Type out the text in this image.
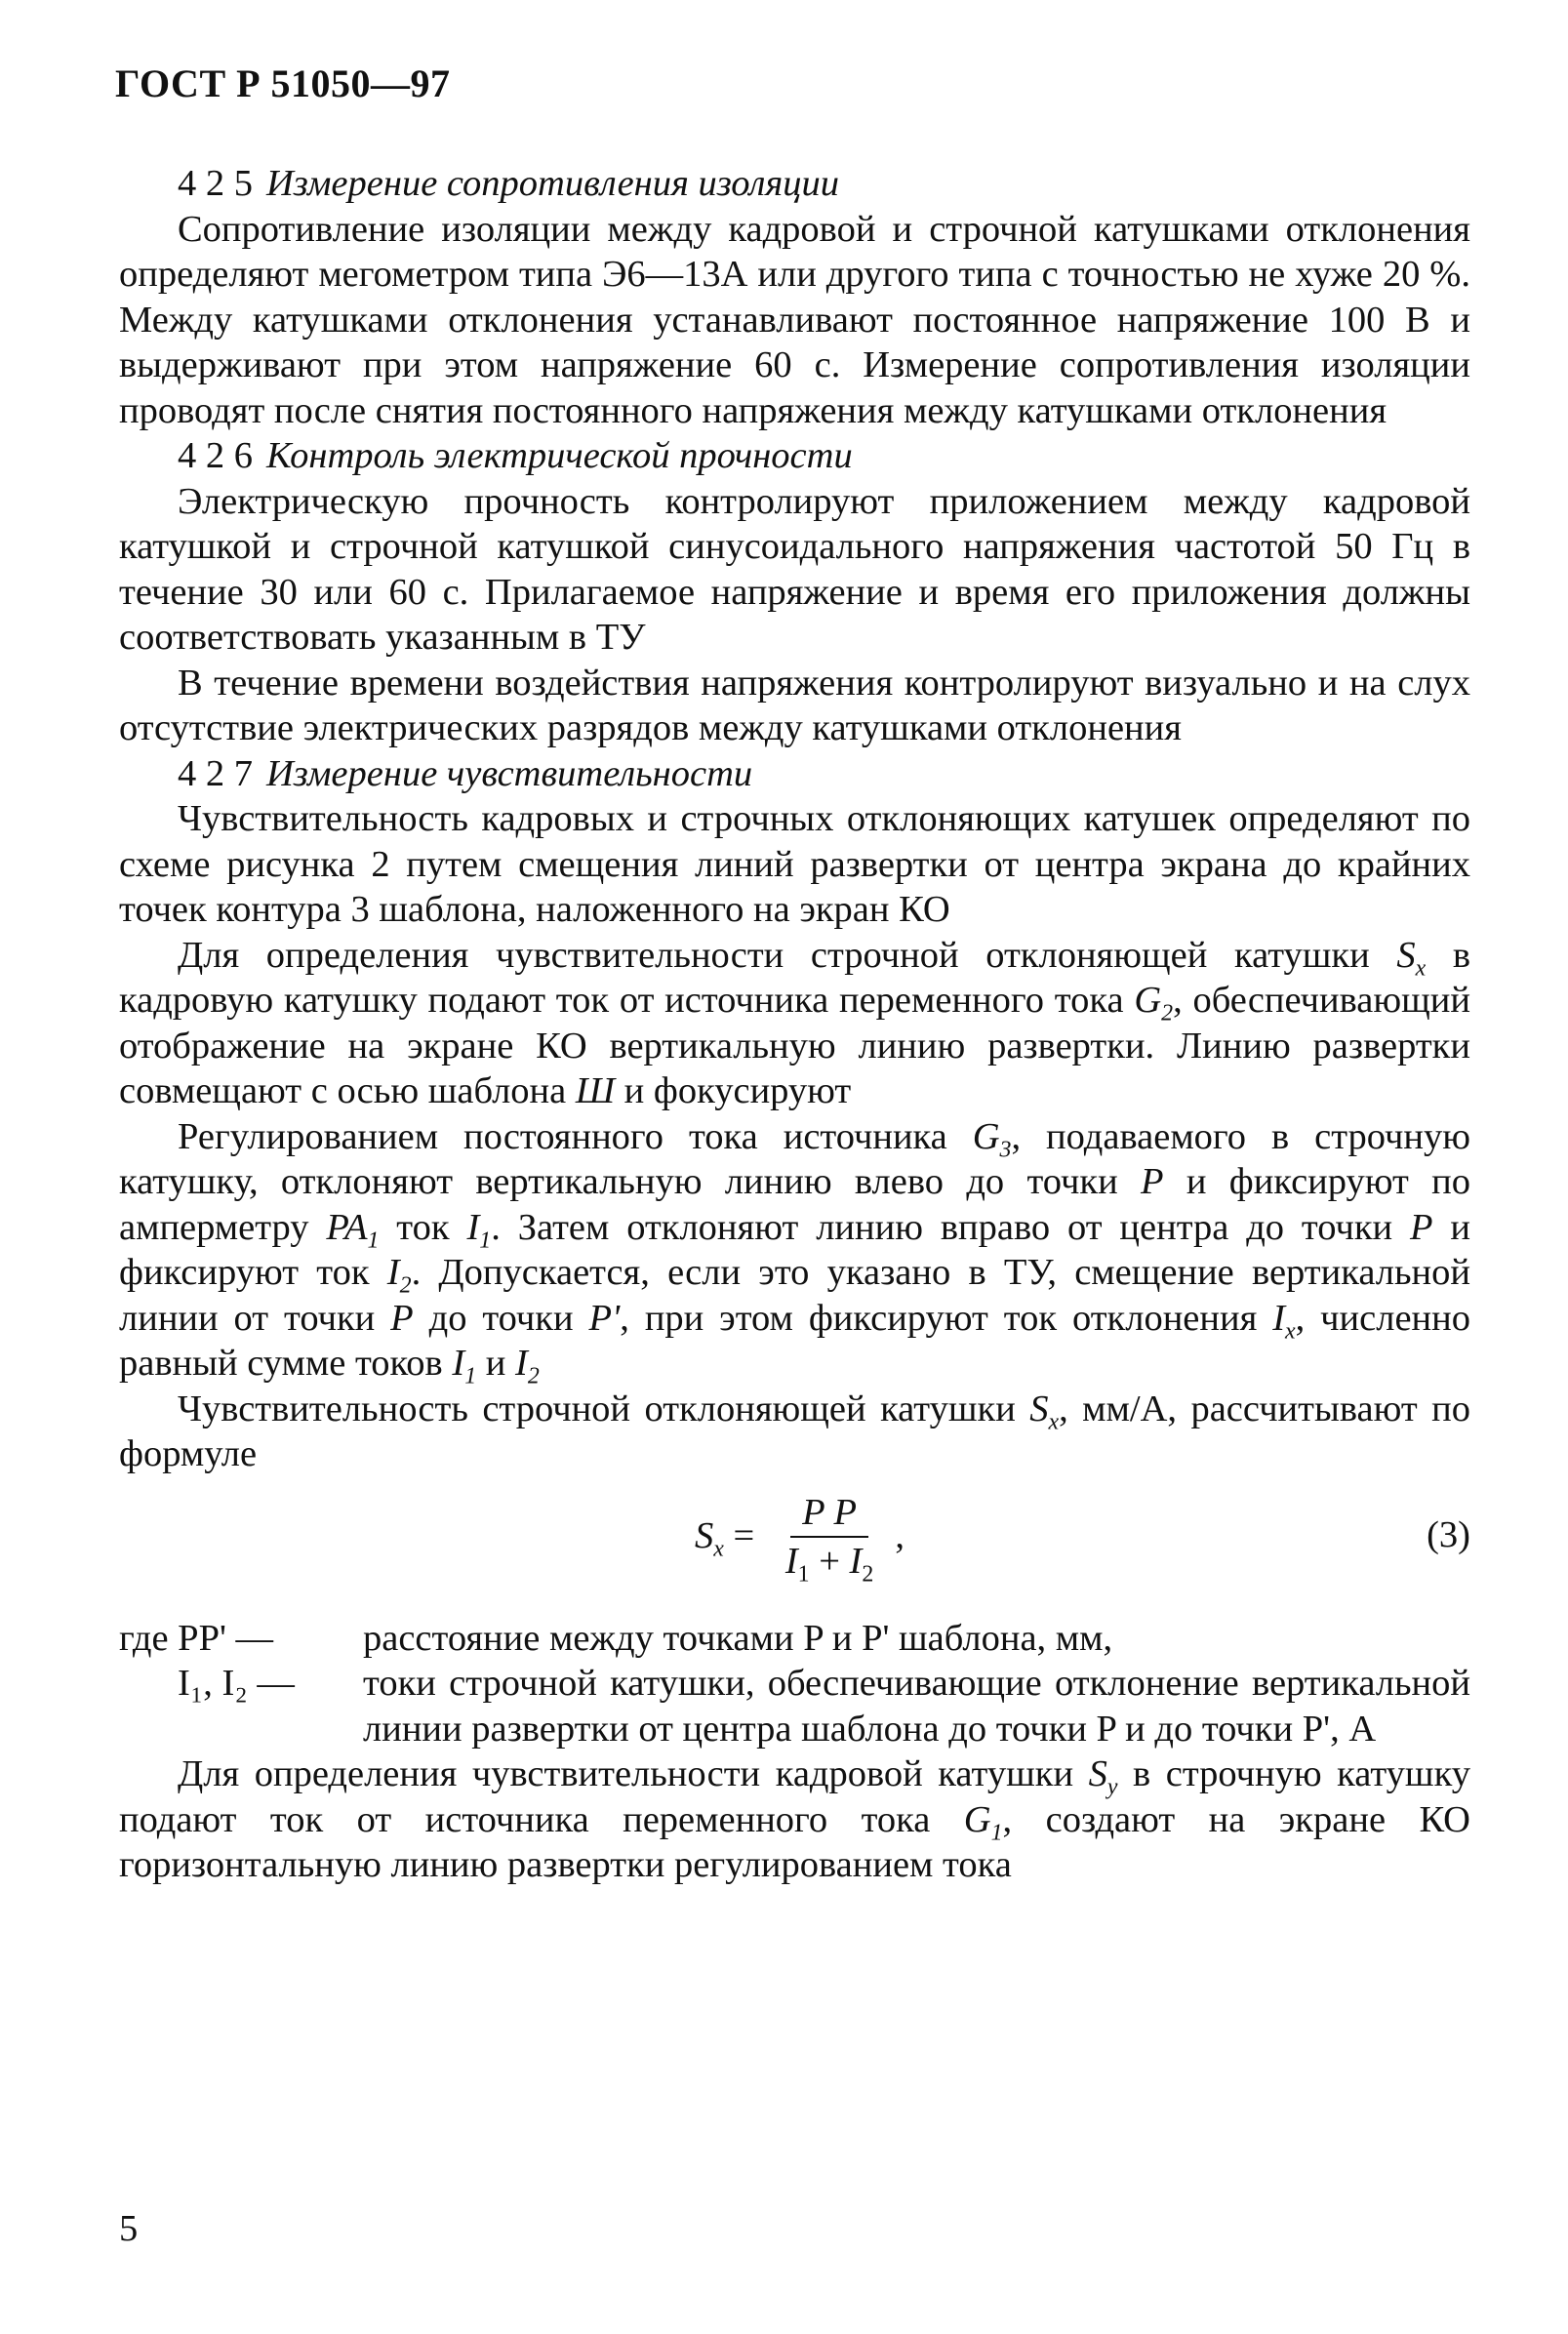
ГОСТ Р 51050—97

4 2 5 Измерение сопротивления изоляции

Сопротивление изоляции между кадровой и строчной катушками отклонения определяют мегометром типа Э6—13А или другого типа с точностью не хуже 20 %. Между катушками отклонения устанавливают постоянное напряжение 100 В и выдерживают при этом напряжение 60 с. Измерение сопротивления изоляции проводят после снятия постоянного напряжения между катушками отклонения

4 2 6 Контроль электрической прочности

Электрическую прочность контролируют приложением между кадровой катушкой и строчной катушкой синусоидального напряжения частотой 50 Гц в течение 30 или 60 с. Прилагаемое напряжение и время его приложения должны соответствовать указанным в ТУ

В течение времени воздействия напряжения контролируют визуально и на слух отсутствие электрических разрядов между катушками отклонения

4 2 7 Измерение чувствительности

Чувствительность кадровых и строчных отклоняющих катушек определяют по схеме рисунка 2 путем смещения линий развертки от центра экрана до крайних точек контура 3 шаблона, наложенного на экран КО

Для определения чувствительности строчной отклоняющей катушки $S_x$ в кадровую катушку подают ток от источника переменного тока $G_2$, обеспечивающий отображение на экране КО вертикальную линию развертки. Линию развертки совмещают с осью шаблона Ш и фокусируют

Регулированием постоянного тока источника $G_3$, подаваемого в строчную катушку, отклоняют вертикальную линию влево до точки P и фиксируют по амперметру $PA_1$ ток $I_1$. Затем отклоняют линию вправо от центра до точки P и фиксируют ток $I_2$. Допускается, если это указано в ТУ, смещение вертикальной линии от точки P до точки P', при этом фиксируют ток отклонения $I_x$, численно равный сумме токов $I_1$ и $I_2$

Чувствительность строчной отклоняющей катушки $S_x$, мм/А, рассчитывают по формуле

$S_x = \frac{\text{P P}}{I_1 + I_2}$ ,	(3)
где PP' —	расстояние между точками P и P' шаблона, мм,
I₁, I₂ —	токи строчной катушки, обеспечивающие отклонение вертикальной линии развертки от центра шаблона до точки P и до точки P', А

Для определения чувствительности кадровой катушки $S_y$ в строчную катушку подают ток от источника переменного тока $G_1$, создают на экране КО горизонтальную линию развертки регулированием тока

5
